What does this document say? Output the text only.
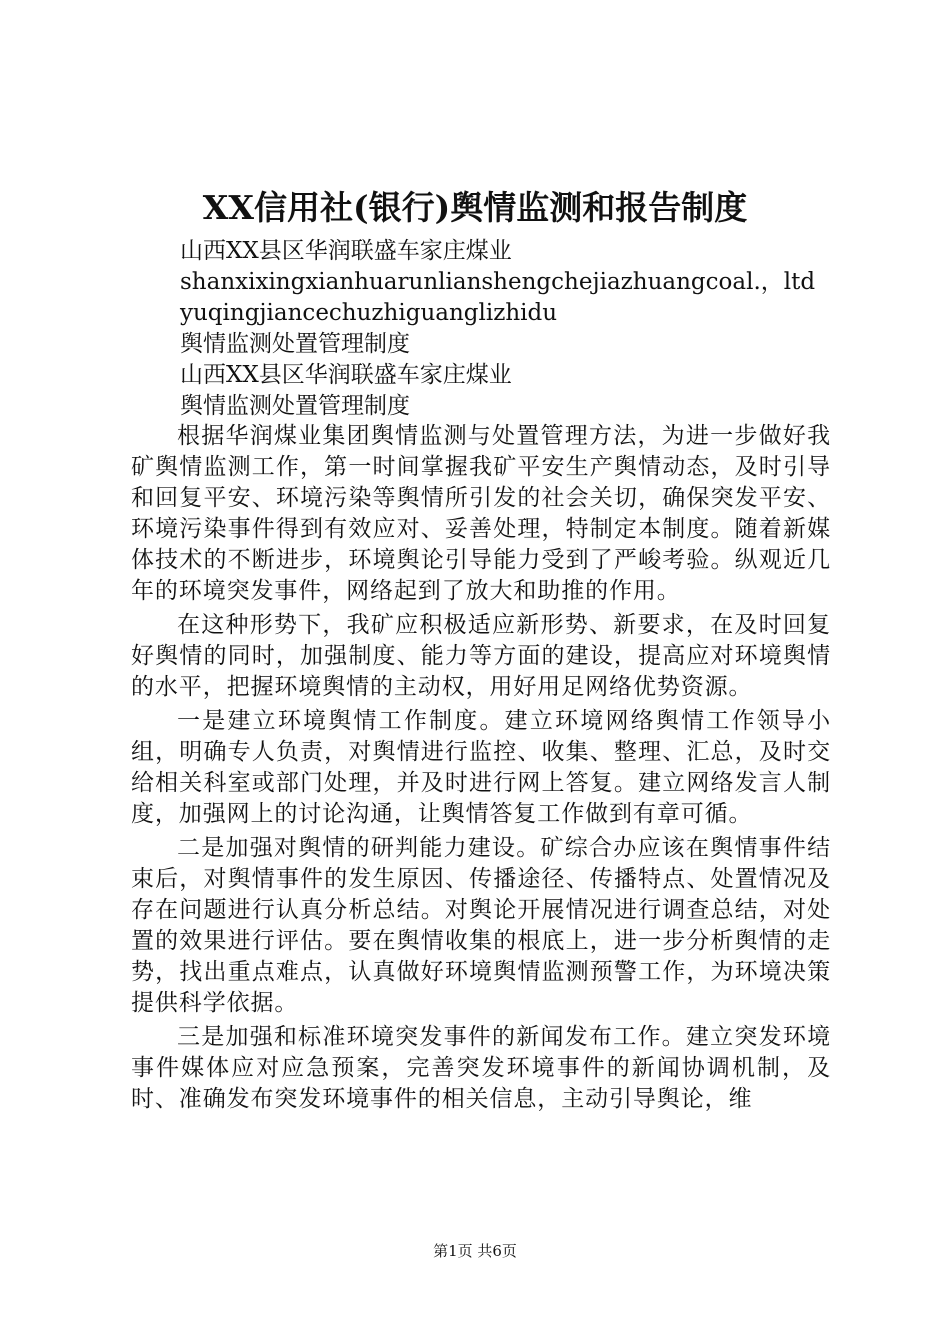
XX信用社(银行)舆情监测和报告制度
山西XX县区华润联盛车家庄煤业
shanxixingxianhuarunlianshengchejiazhuangcoal.，ltd
yuqingjiancechuzhiguanglizhidu
舆情监测处置管理制度
山西XX县区华润联盛车家庄煤业
舆情监测处置管理制度

根据华润煤业集团舆情监测与处置管理方法，为进一步做好我矿舆情监测工作，第一时间掌握我矿平安生产舆情动态，及时引导和回复平安、环境污染等舆情所引发的社会关切，确保突发平安、环境污染事件得到有效应对、妥善处理，特制定本制度。随着新媒体技术的不断进步，环境舆论引导能力受到了严峻考验。纵观近几年的环境突发事件，网络起到了放大和助推的作用。

在这种形势下，我矿应积极适应新形势、新要求，在及时回复好舆情的同时，加强制度、能力等方面的建设，提高应对环境舆情的水平，把握环境舆情的主动权，用好用足网络优势资源。

一是建立环境舆情工作制度。建立环境网络舆情工作领导小组，明确专人负责，对舆情进行监控、收集、整理、汇总，及时交给相关科室或部门处理，并及时进行网上答复。建立网络发言人制度，加强网上的讨论沟通，让舆情答复工作做到有章可循。

二是加强对舆情的研判能力建设。矿综合办应该在舆情事件结束后，对舆情事件的发生原因、传播途径、传播特点、处置情况及存在问题进行认真分析总结。对舆论开展情况进行调查总结，对处置的效果进行评估。要在舆情收集的根底上，进一步分析舆情的走势，找出重点难点，认真做好环境舆情监测预警工作，为环境决策提供科学依据。

三是加强和标准环境突发事件的新闻发布工作。建立突发环境事件媒体应对应急预案，完善突发环境事件的新闻协调机制，及时、准确发布突发环境事件的相关信息，主动引导舆论，维

第1页 共6页
